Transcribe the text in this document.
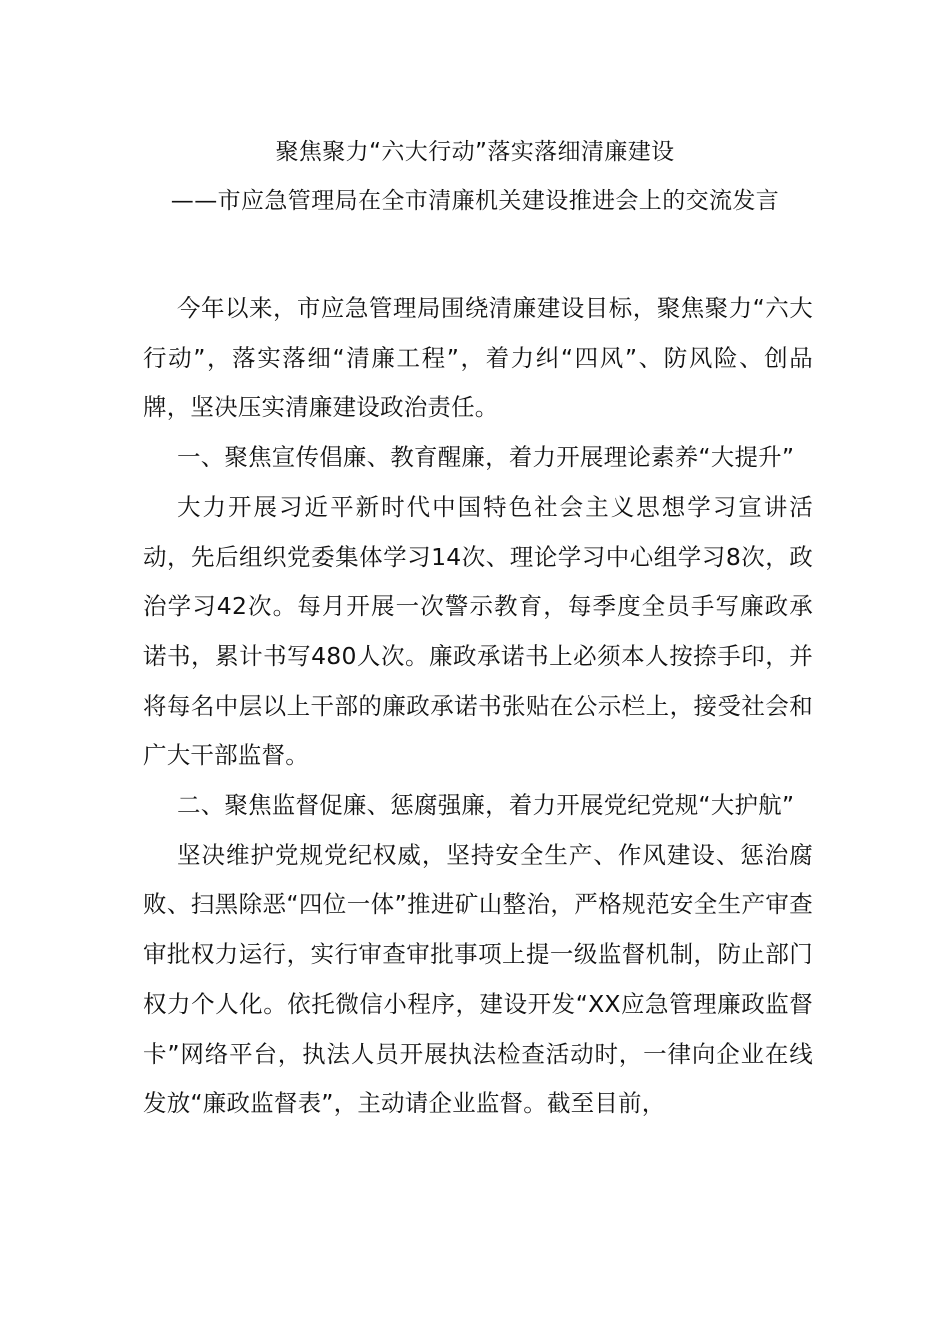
聚焦聚力“六大行动”落实落细清廉建设
——市应急管理局在全市清廉机关建设推进会上的交流发言

今年以来，市应急管理局围绕清廉建设目标，聚焦聚力“六大行动”，落实落细“清廉工程”，着力纠“四风”、防风险、创品牌，坚决压实清廉建设政治责任。

一、聚焦宣传倡廉、教育醒廉，着力开展理论素养“大提升”

大力开展习近平新时代中国特色社会主义思想学习宣讲活动，先后组织党委集体学习14次、理论学习中心组学习8次，政治学习42次。每月开展一次警示教育，每季度全员手写廉政承诺书，累计书写480人次。廉政承诺书上必须本人按捺手印，并将每名中层以上干部的廉政承诺书张贴在公示栏上，接受社会和广大干部监督。

二、聚焦监督促廉、惩腐强廉，着力开展党纪党规“大护航”

坚决维护党规党纪权威，坚持安全生产、作风建设、惩治腐败、扫黑除恶“四位一体”推进矿山整治，严格规范安全生产审查审批权力运行，实行审查审批事项上提一级监督机制，防止部门权力个人化。依托微信小程序，建设开发“XX应急管理廉政监督卡”网络平台，执法人员开展执法检查活动时，一律向企业在线发放“廉政监督表”，主动请企业监督。截至目前，
